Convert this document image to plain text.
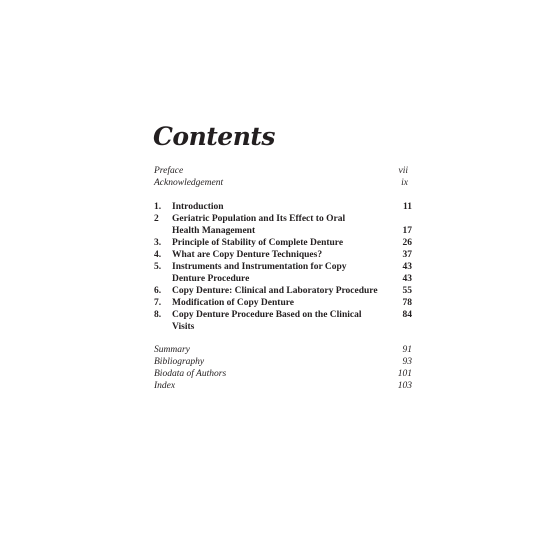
Contents
Preface	vii
Acknowledgement	ix
1. Introduction	11
2 Geriatric Population and Its Effect to Oral
Health Management	17
3. Principle of Stability of Complete Denture	26
4. What are Copy Denture Techniques?	37
5. Instruments and Instrumentation for Copy	43
Denture Procedure	43
6. Copy Denture: Clinical and Laboratory Procedure	55
7. Modification of Copy Denture	78
8. Copy Denture Procedure Based on the Clinical	84
Visits
Summary	91
Bibliography	93
Biodata of Authors	101
Index	103
